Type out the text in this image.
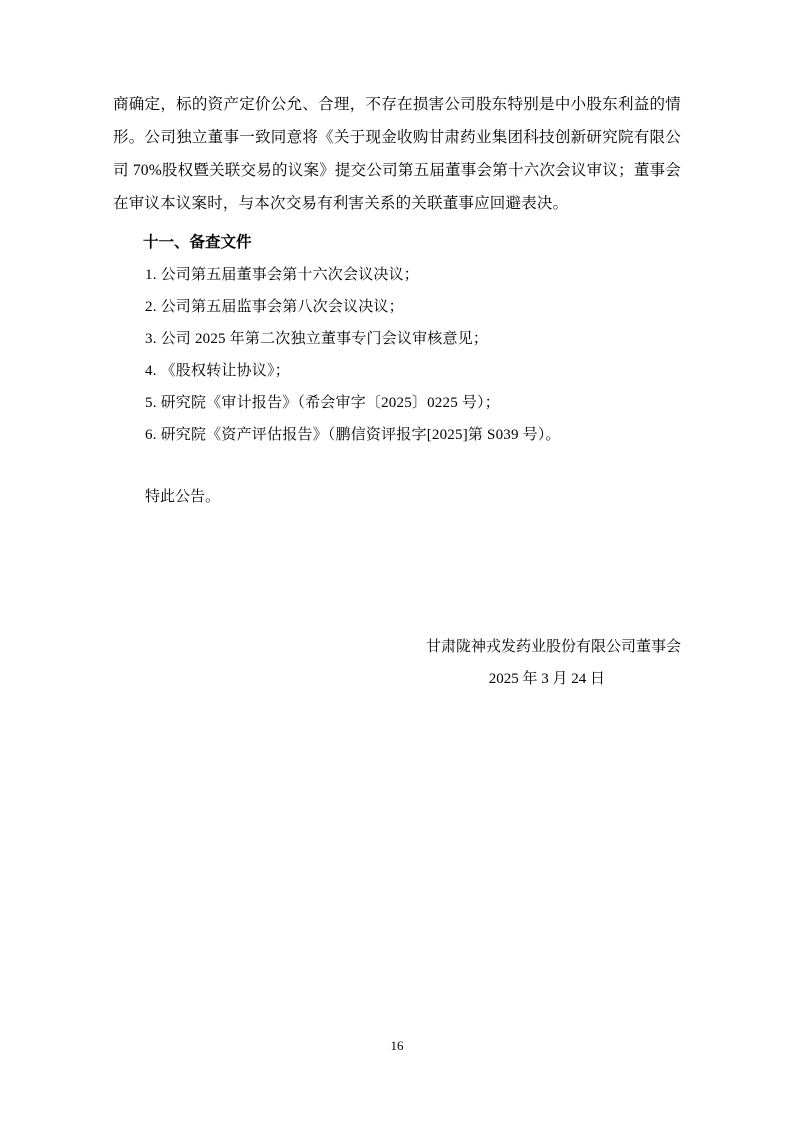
商确定，标的资产定价公允、合理，不存在损害公司股东特别是中小股东利益的情形。公司独立董事一致同意将《关于现金收购甘肃药业集团科技创新研究院有限公司 70%股权暨关联交易的议案》提交公司第五届董事会第十六次会议审议；董事会在审议本议案时，与本次交易有利害关系的关联董事应回避表决。

十一、备查文件

1. 公司第五届董事会第十六次会议决议；
2. 公司第五届监事会第八次会议决议；
3. 公司 2025 年第二次独立董事专门会议审核意见；
4. 《股权转让协议》；
5. 研究院《审计报告》（希会审字〔2025〕0225 号）；
6. 研究院《资产评估报告》（鹏信资评报字[2025]第 S039 号）。

特此公告。

甘肃陇神戎发药业股份有限公司董事会

2025 年 3 月 24 日

16
